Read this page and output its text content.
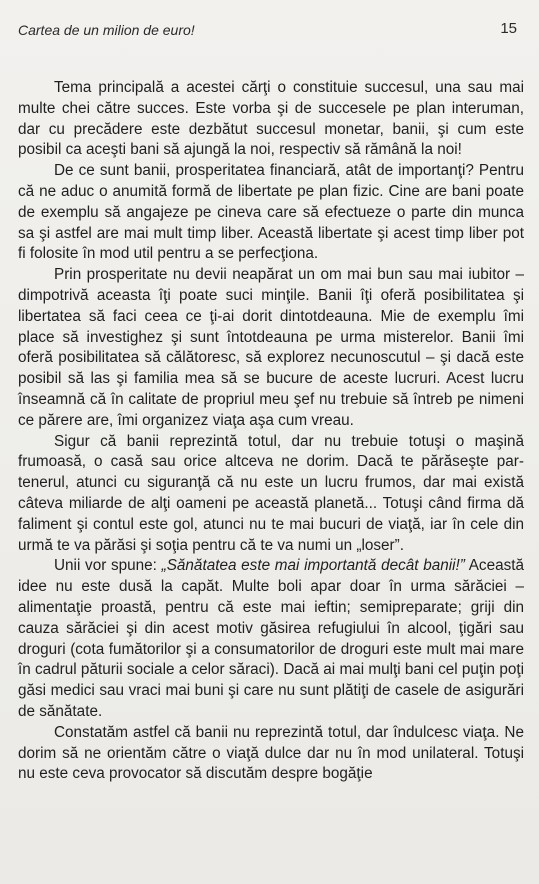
Cartea de un milion de euro!	15

Tema principală a acestei cărţi o constituie succesul, una sau mai multe chei către succes. Este vorba şi de succesele pe plan interuman, dar cu precădere este dezbătut succesul monetar, banii, şi cum este posibil ca aceşti bani să ajungă la noi, respectiv să rămână la noi!

De ce sunt banii, prosperitatea financiară, atât de importanţi? Pentru că ne aduc o anumită formă de libertate pe plan fizic. Cine are bani poate de exemplu să angajeze pe cineva care să efectueze o parte din munca sa şi astfel are mai mult timp liber. Această libertate şi acest timp liber pot fi folosite în mod util pentru a se perfecţiona.

Prin prosperitate nu devii neapărat un om mai bun sau mai iubitor – dimpotrivă aceasta îţi poate suci minţile. Banii îţi oferă posibilitatea şi libertatea să faci ceea ce ţi-ai dorit dintotdeauna. Mie de exemplu îmi place să investighez şi sunt întotdeauna pe urma misterelor. Banii îmi oferă posibilitatea să călătoresc, să explorez necunoscutul – şi dacă este posibil să las şi familia mea să se bucure de aceste lucruri. Acest lucru înseamnă că în calitate de propriul meu şef nu trebuie să întreb pe nimeni ce părere are, îmi organizez viaţa aşa cum vreau.

Sigur că banii reprezintă totul, dar nu trebuie totuşi o maşină frumoasă, o casă sau orice altceva ne dorim. Dacă te părăseşte partenerul, atunci cu siguranţă că nu este un lucru frumos, dar mai există câteva miliarde de alţi oameni pe această planetă... Totuşi când firma dă faliment şi contul este gol, atunci nu te mai bucuri de viaţă, iar în cele din urmă te va părăsi şi soţia pentru că te va numi un „loser”.

Unii vor spune: „Sănătatea este mai importantă decât banii!” Această idee nu este dusă la capăt. Multe boli apar doar în urma sărăciei – alimentaţie proastă, pentru că este mai ieftin; semipreparate; griji din cauza sărăciei şi din acest motiv găsirea refugiului în alcool, ţigări sau droguri (cota fumătorilor şi a consumatorilor de droguri este mult mai mare în cadrul păturii sociale a celor săraci). Dacă ai mai mulţi bani cel puţin poţi găsi medici sau vraci mai buni şi care nu sunt plătiţi de casele de asigurări de sănătate.

Constatăm astfel că banii nu reprezintă totul, dar îndulcesc viaţa. Ne dorim să ne orientăm către o viaţă dulce dar nu în mod unilateral. Totuşi nu este ceva provocator să discutăm despre bogăţie
